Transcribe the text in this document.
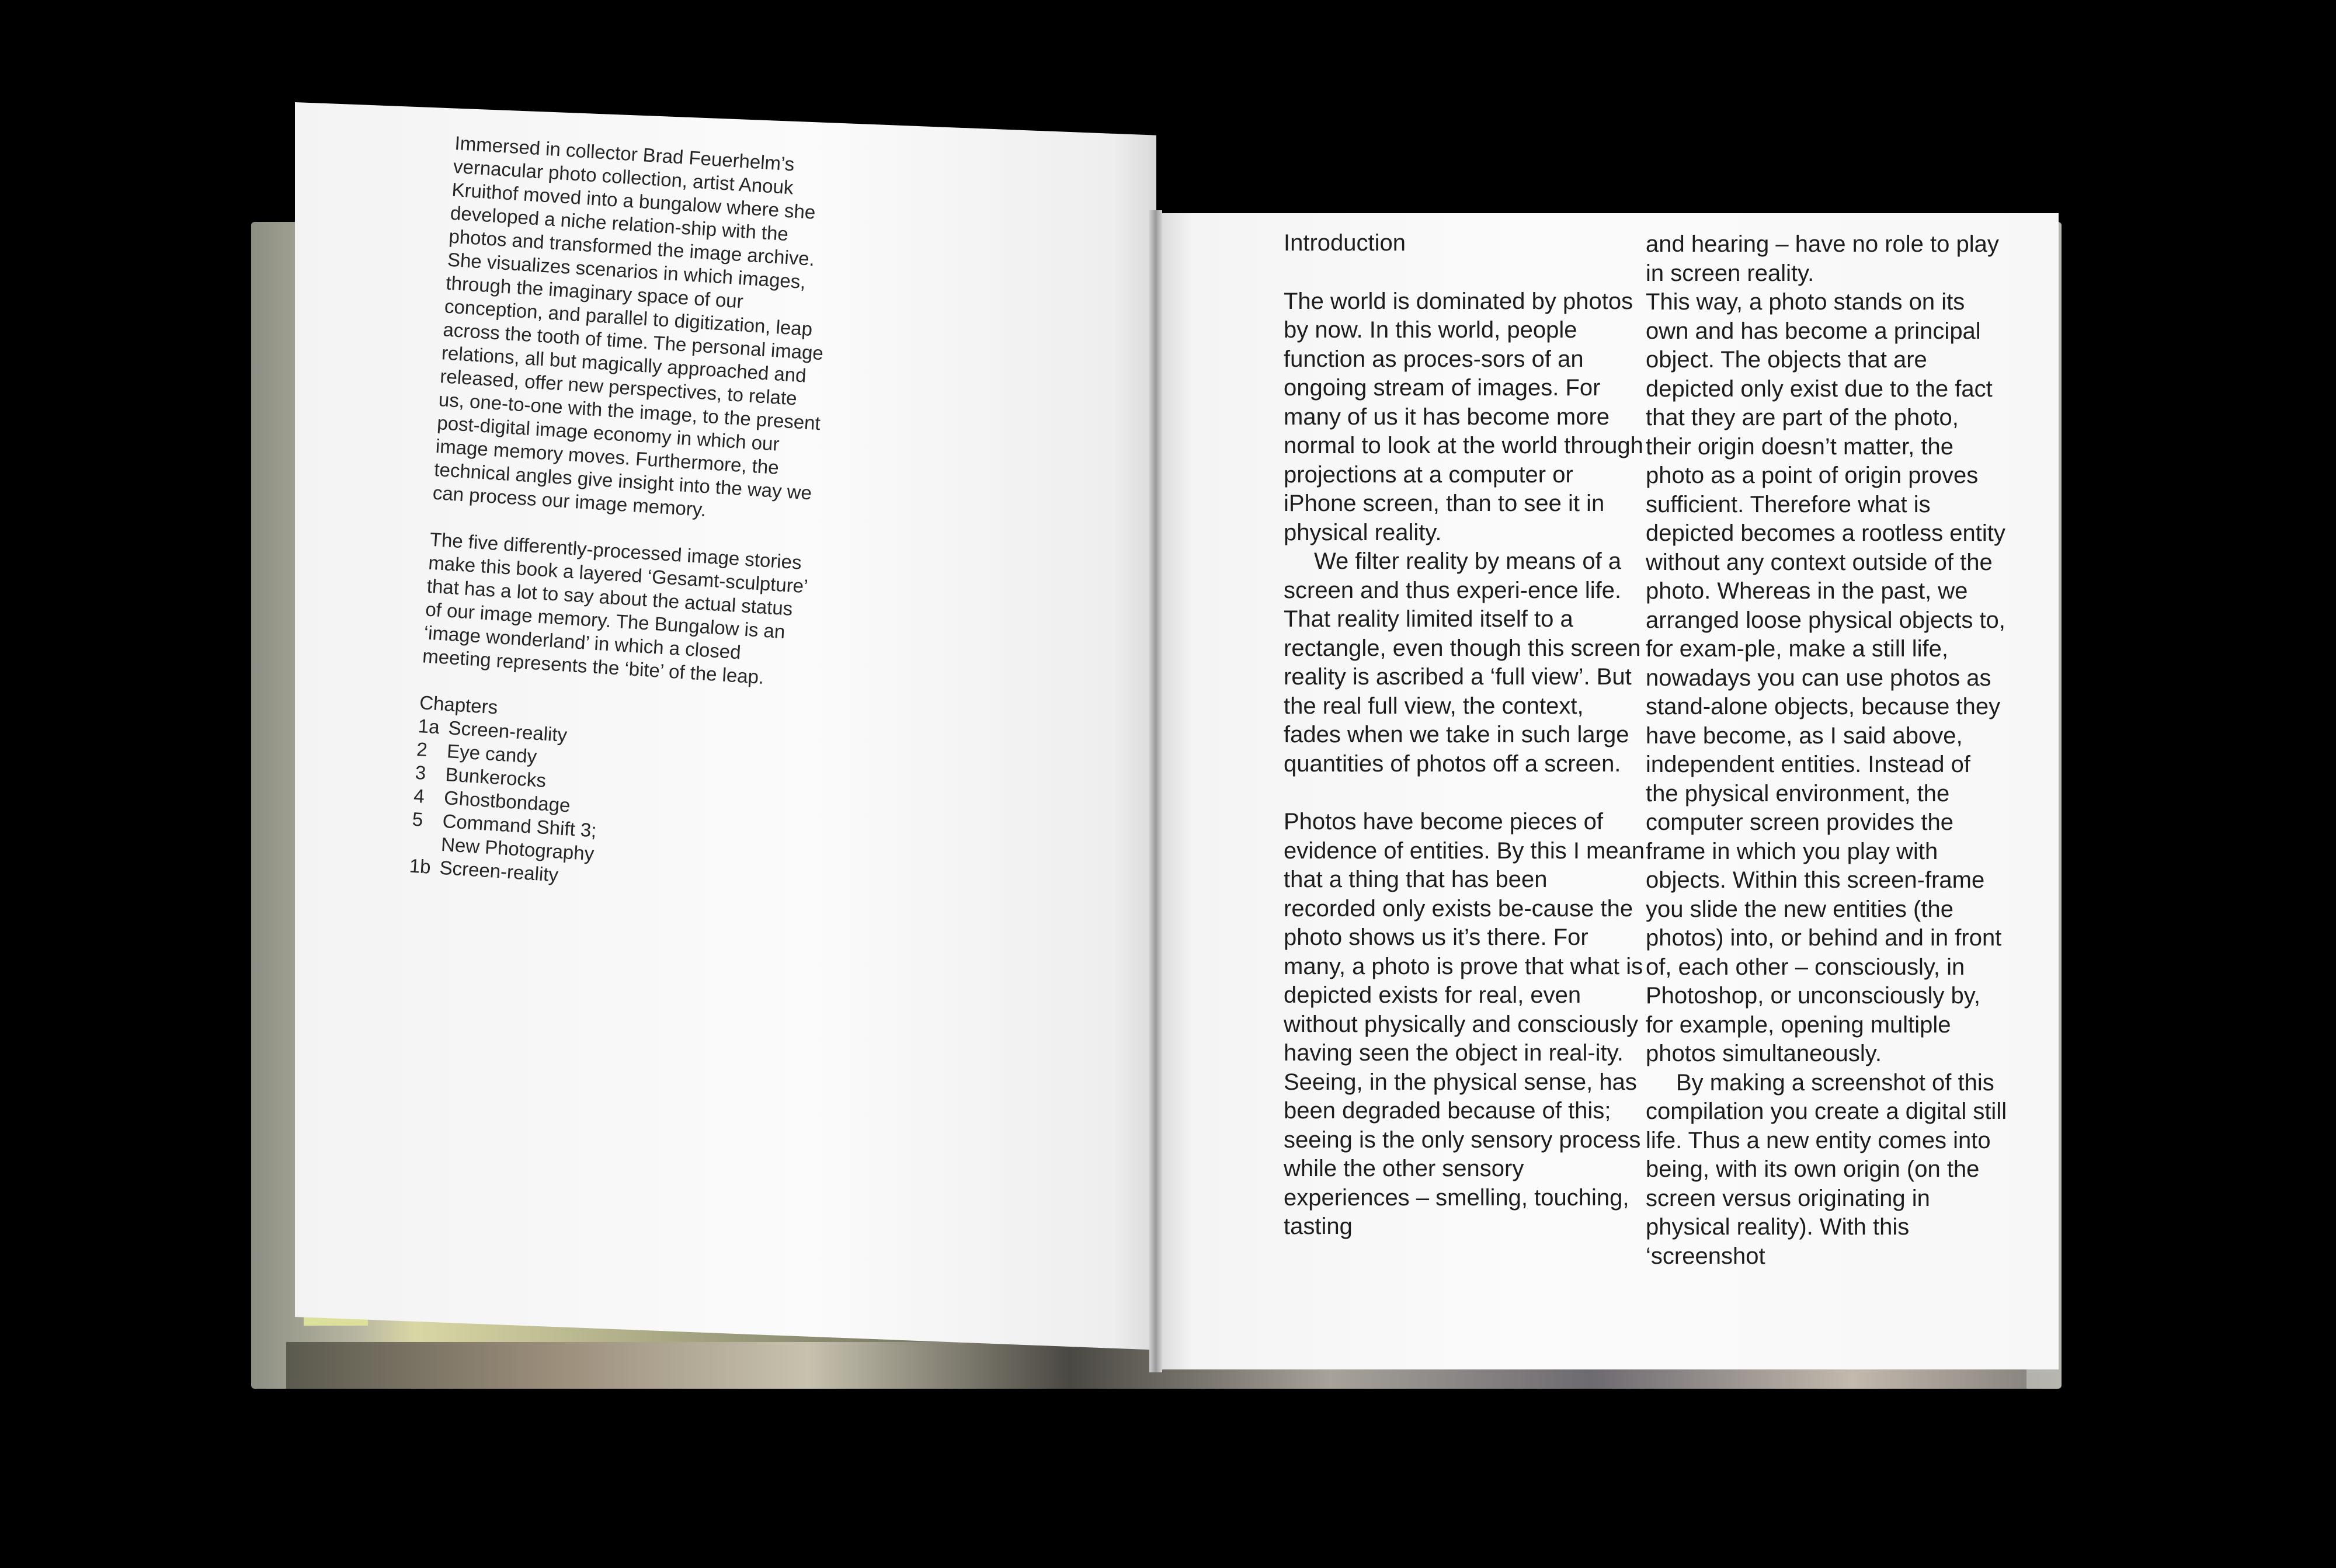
Immersed in collector Brad Feuerhelm’s vernacular photo collection, artist Anouk Kruithof moved into a bungalow where she developed a niche relation-ship with the photos and transformed the image archive. She visualizes scenarios in which images, through the imaginary space of our conception, and parallel to digitization, leap across the tooth of time. The personal image relations, all but magically approached and released, offer new perspectives, to relate us, one-to-one with the image, to the present post-digital image economy in which our image memory moves. Furthermore, the technical angles give insight into the way we can process our image memory.

The five differently-processed image stories make this book a layered ‘Gesamt-sculpture’ that has a lot to say about the actual status of our image memory. The Bungalow is an ‘image wonderland’ in which a closed meeting represents the ‘bite’ of the leap.

Chapters
1a Screen-reality
2 Eye candy
3 Bunkerocks
4 Ghostbondage
5 Command Shift 3;
New Photography
1b Screen-reality

Introduction

The world is dominated by photos by now. In this world, people function as proces-sors of an ongoing stream of images. For many of us it has become more normal to look at the world through projections at a computer or iPhone screen, than to see it in physical reality.

We filter reality by means of a screen and thus experi-ence life. That reality limited itself to a rectangle, even though this screen reality is ascribed a ‘full view’. But the real full view, the context, fades when we take in such large quantities of photos off a screen.

Photos have become pieces of evidence of entities. By this I mean that a thing that has been recorded only exists be-cause the photo shows us it’s there. For many, a photo is prove that what is depicted exists for real, even without physically and consciously having seen the object in real-ity. Seeing, in the physical sense, has been degraded because of this; seeing is the only sensory process while the other sensory experiences – smelling, touching, tasting

and hearing – have no role to play in screen reality.

This way, a photo stands on its own and has become a principal object. The objects that are depicted only exist due to the fact that they are part of the photo, their origin doesn’t matter, the photo as a point of origin proves sufficient. Therefore what is depicted becomes a rootless entity without any context outside of the photo. Whereas in the past, we arranged loose physical objects to, for exam-ple, make a still life, nowadays you can use photos as stand-alone objects, because they have become, as I said above, independent entities. Instead of the physical environment, the computer screen provides the frame in which you play with objects. Within this screen-frame you slide the new entities (the photos) into, or behind and in front of, each other – consciously, in Photoshop, or unconsciously by, for example, opening multiple photos simultaneously.

By making a screenshot of this compilation you create a digital still life. Thus a new entity comes into being, with its own origin (on the screen versus originating in physical reality). With this ‘screenshot
